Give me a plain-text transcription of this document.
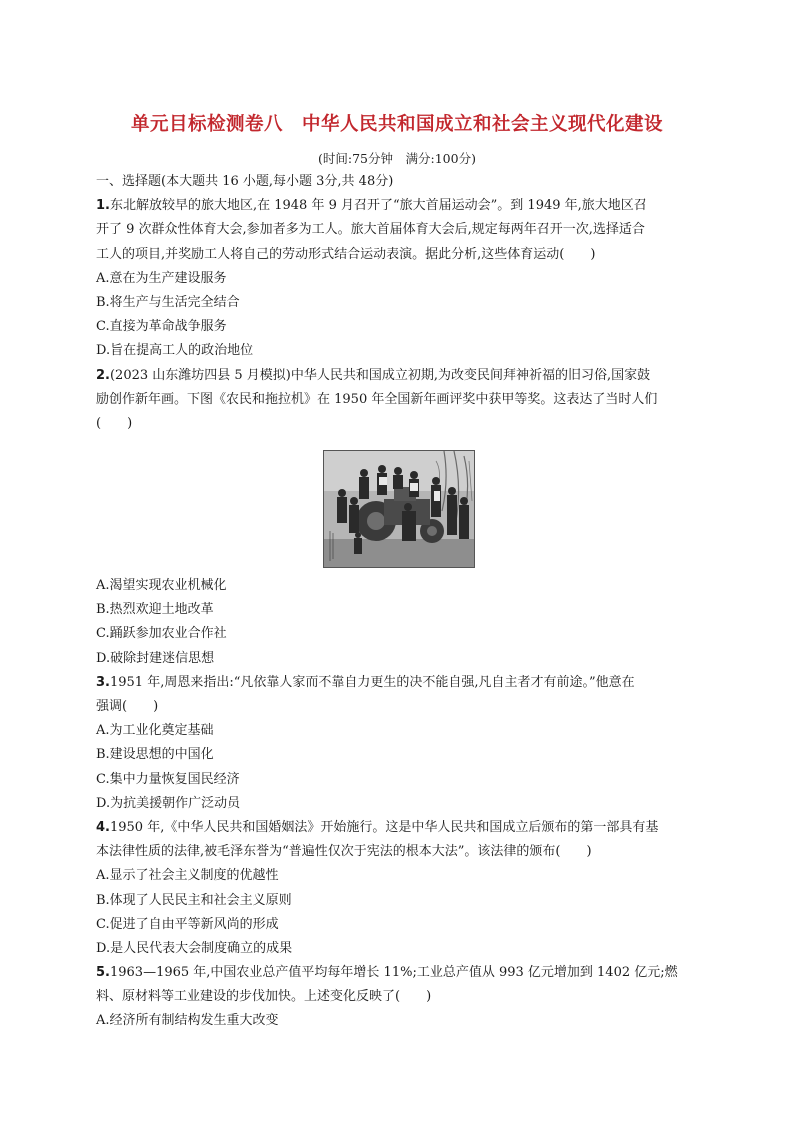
单元目标检测卷八　中华人民共和国成立和社会主义现代化建设
(时间:75分钟　满分:100分)
一、选择题(本大题共 16 小题,每小题 3分,共 48分)
1.东北解放较早的旅大地区,在 1948 年 9 月召开了“旅大首届运动会”。到 1949 年,旅大地区召
开了 9 次群众性体育大会,参加者多为工人。旅大首届体育大会后,规定每两年召开一次,选择适合
工人的项目,并奖励工人将自己的劳动形式结合运动表演。据此分析,这些体育运动(　　)
A.意在为生产建设服务
B.将生产与生活完全结合
C.直接为革命战争服务
D.旨在提高工人的政治地位
2.(2023 山东潍坊四县 5 月模拟)中华人民共和国成立初期,为改变民间拜神祈福的旧习俗,国家鼓
励创作新年画。下图《农民和拖拉机》在 1950 年全国新年画评奖中获甲等奖。这表达了当时人们
(　　)
A.渴望实现农业机械化
B.热烈欢迎土地改革
C.踊跃参加农业合作社
D.破除封建迷信思想
3.1951 年,周恩来指出:“凡依靠人家而不靠自力更生的决不能自强,凡自主者才有前途。”他意在
强调(　　)
A.为工业化奠定基础
B.建设思想的中国化
C.集中力量恢复国民经济
D.为抗美援朝作广泛动员
4.1950 年,《中华人民共和国婚姻法》开始施行。这是中华人民共和国成立后颁布的第一部具有基
本法律性质的法律,被毛泽东誉为“普遍性仅次于宪法的根本大法”。该法律的颁布(　　)
A.显示了社会主义制度的优越性
B.体现了人民民主和社会主义原则
C.促进了自由平等新风尚的形成
D.是人民代表大会制度确立的成果
5.1963—1965 年,中国农业总产值平均每年增长 11%;工业总产值从 993 亿元增加到 1402 亿元;燃
料、原材料等工业建设的步伐加快。上述变化反映了(　　)
A.经济所有制结构发生重大改变
